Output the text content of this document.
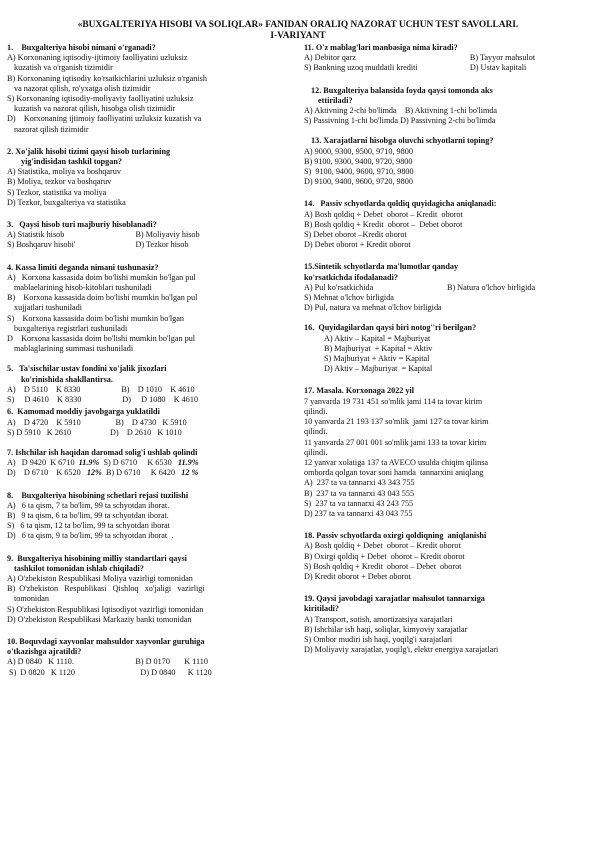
«BUXGALTERIYA HISOBI VA SOLIQLAR» FANIDAN ORALIQ NAZORAT UCHUN TEST SAVOLLARI.
I-VARIYANT
1.    Buxgalteriya hisobi nimani o'rganadi?
A) Korxonaning iqtisodiy-ijtimoiy faolliyatini uzluksiz
kuzatish va o'rganish tizimidir
B) Korxonaning iqtisodiy ko'rsatkichlarini uzluksiz o'rganish
va nazorat qilish, ro'yxatga olish tizimidir
S) Korxonaning iqtisodiy-moliyaviy faolliyatini uzluksiz
kuzatish va nazorat qilish, hisobga olish tizimidir
D)    Korxonaning ijtimoiy faolliyatini uzluksiz kuzatish va
nazorat qilish tizimidir
2. Xo'jalik hisobi tizimi qaysi hisob turlarining
yig'indisidan tashkil topgan?
A) Statistika, moliya va boshqaruv
B) Moliya, tezkor va boshqaruv
S) Tezkor, statistika va moliya
D) Tezkor, buxgalteriya va statistika
3.   Qaysi hisob turi majburiy hisoblanadi?
A) Statistik hisob	B) Moliyaviy hisob
S) Boshqaruv hisobi'	D) Tezkor hisob
4. Kassa limiti deganda nimani tushunasiz?
A)   Korxona kassasida doim bo'lishi mumkin bo'lgan pul
mablaelarining hisob-kitoblari tushuniladi
B)    Korxona kassasida doim bo'lishi mumkin bo'lgan pul
xujjatlari tushuniladi
S)    Korxona kassasida doim bo'lishi mumkin bo'lgan
buxgalteriya registrlari tushuniladi
D    Korxona kassasida doim bo'lishi mumkin bo'lgan pul
mablaglarining summasi tushuniladi
5.   Ta'sischilar ustav fondini xo'jalik jixozlari
ko'rinishida shakllantirsa.
A)    D 5110    K 8330                    B)    D 1010    K 4610
S)     D 4610    K 8330                    D)     D 1080    K 4610
6.  Kamomad moddiy javobgarga yuklatildi
A)    D 4720    K 5910                 B)    D 4730   K 5910
S) D 5910   K 2610                   D)    D 2610   K 1010
7. Ishchilar ish haqidan daromad solig'i ushlab qolindi
A)   D 9420  K 6710  11.9%  S) D 6710     K 6530   11.9%
D)    D 6710    K 6520   12%  B) D 6710     K 6420   12 %
8.    Buxgalteriya hisobining schetlari rejasi tuzilishi
A)   6 ta qism, 7 ta bo'lim, 99 ta schyotdan iborat.
B)   9 ta qism, 6 ta bo'lim, 99 ta schyotdan iborat.
S)   6 ta qism, 12 ta bo'lim, 99 ta schyotdan iborat
D)   6 ta qism, 9 ta bo'lim, 99 ta schyotdan iborat  .
9.  Buxgalteriya hisobining milliy standartlari qaysi
tashkilot tomonidan ishlab chiqiladi?
A) O'zbekiston Respublikasi Moliya vazirligi tomonidan
B)  O'zbekiston   Respublikasi   Qishloq   xo'jaligi   vazirligi
tomonidan
S) O'zbekiston Respublikasi Iqtisodiyot vazirligi tomonidan
D) O'zbekiston Respublikasi Markaziy banki tomonidan
10. Boquvdagi xayvonlar mahsuldor xayvonlar guruhiga
o'tkazishga ajratildi?
A) D 0840   K 1110.                              B) D 0170       K 1110
S)  D 0820   K 1120                                D) D 0840      K 1120
11. O'z mablag'lari manbasiga nima kiradi?
A) Debitor qarz	B) Tayyor mahsulot
S) Bankning uzoq muddatli krediti	D) Ustav kapitali
12. Buxgalteriya balansida foyda qaysi tomonda aks
ettiriladi?
A) Aktivning 2-chi bo'limda    B) Aktivning 1-chi bo'limda
S) Passivning 1-chi bo'limda D) Passivning 2-chi bo'limda
13. Xarajatlarni hisobga oluvchi schyotlarni toping?
A) 9000, 9300, 9500, 9710, 9800
B) 9100, 9300, 9400, 9720, 9800
S)  9100, 9400, 9600, 9710, 9800
D) 9100, 9400, 9600, 9720, 9800
14.   Passiv schyotlarda qoldiq quyidagicha aniqlanadi:
A) Bosh qoldiq + Debet  oborot – Kredit  oborot
B) Bosh qoldiq + Kredit  oborot –  Debet oborot
S) Debet oborot –Kredit oborot
D) Debet oborot + Kredit oborot
15.Sintetik schyotlarda ma'lumotlar qanday
ko'rsatkichda ifodalanadi?
A) Pul ko'rsatkichida	B) Natura o'lchov birligida
S) Mehnat o'lchov birligida
D) Pul, natura va mehnat o'lchov birligida
16.  Quyidagilardan qaysi biri notog''ri berilgan?
A) Aktiv – Kapital = Majburiyat
B) Majburiyat  + Kapital = Aktiv
S) Majburiyat + Aktiv = Kapital
D) Aktiv – Majburiyat  = Kapital
17. Masala. Korxonaga 2022 yil
7 yanvarda 19 731 451 so'mlik jami 114 ta tovar kirim
qilindi.
10 yanvarda 21 193 137 so'mlik  jami 127 ta tovar kirim
qilindi.
11 yanvarda 27 001 001 so'mlik jami 133 ta tovar kirim
qilindi.
12 yanvar xolatiga 137 ta AVECO usulda chiqim qilinsa
omborda qolgan tovar soni hamda  tannarxini aniqlang
A)  237 ta va tannarxi 43 343 755
B)  237 ta va tannarxi 43 043 555
S)  237 ta va tannarxi 43 243 755
D) 237 ta va tannarxi 43 043 755
18. Passiv schyotlarda oxirgi qoldiqning  aniqlanishi
A) Bosh qoldiq + Debet  oborot – Kredit oborot
B) Oxirgi qoldiq + Debet  oborot – Kredit oborot
S) Bosh qoldiq + Kredit  oborot – Debet  oborot
D) Kredit oborot + Debet oborot
19. Qaysi javobdagi xarajatlar mahsulot tannarxiga
kiritiladi?
A) Transport, sotish, amortizatsiya xarajatlari
B) Ishchilar ish haqi, soliqlar, kimyoviy xarajatlar
S) Ombor mudiri ish haqi, yoqilg'i xarajatlari
D) Moliyaviy xarajatlar, yoqilg'i, elektr energiya xarajatlari
